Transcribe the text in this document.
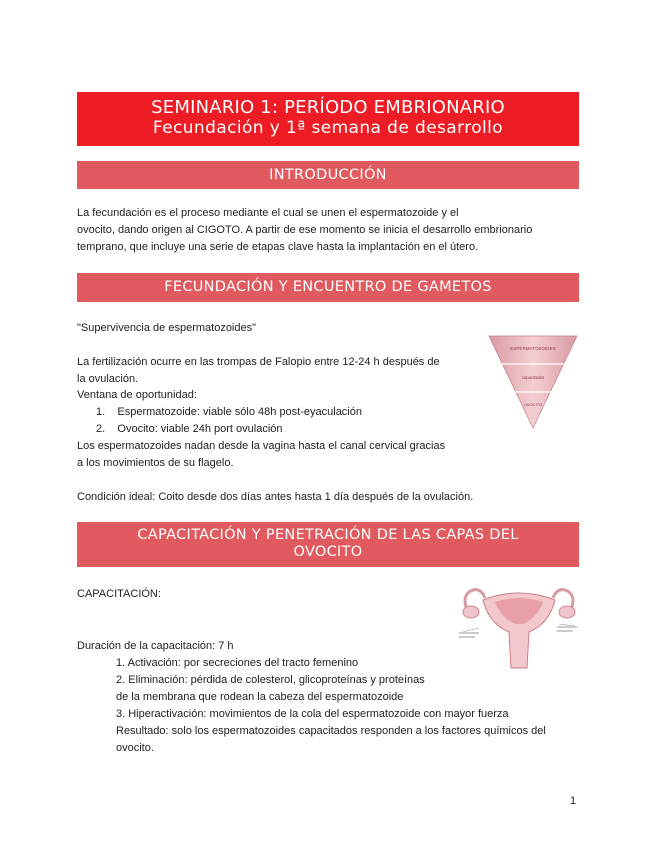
SEMINARIO 1: PERÍODO EMBRIONARIO
Fecundación y 1ª semana de desarrollo
INTRODUCCIÓN
La fecundación es el proceso mediante el cual se unen el espermatozoide y el
ovocito, dando origen al CIGOTO. A partir de ese momento se inicia el desarrollo embrionario
temprano, que incluye una serie de etapas clave hasta la implantación en el útero.
FECUNDACIÓN Y ENCUENTRO DE GAMETOS
"Supervivencia de espermatozoides"
La fertilización ocurre en las trompas de Falopio entre 12-24 h después de
la ovulación.
Ventana de oportunidad:
1.    Espermatozoide: viable sólo 48h post-eyaculación
2.    Ovocito: viable 24h port ovulación
Los espermatozoides nadan desde la vagina hasta el canal cervical gracias
a los movimientos de su flagelo.
Condición ideal: Coito desde dos días antes hasta 1 día después de la ovulación.
ESPERMATOZOIDES
capacitados
OVOCITO
CAPACITACIÓN Y PENETRACIÓN DE LAS CAPAS DEL
OVOCITO
CAPACITACIÓN:
Duración de la capacitación: 7 h
1. Activación: por secreciones del tracto femenino
2. Eliminación: pérdida de colesterol, glicoproteínas y proteínas
de la membrana que rodean la cabeza del espermatozoide
3. Hiperactivación: movimientos de la cola del espermatozoide con mayor fuerza
Resultado: solo los espermatozoides capacitados responden a los factores químicos del
ovocito.
1
